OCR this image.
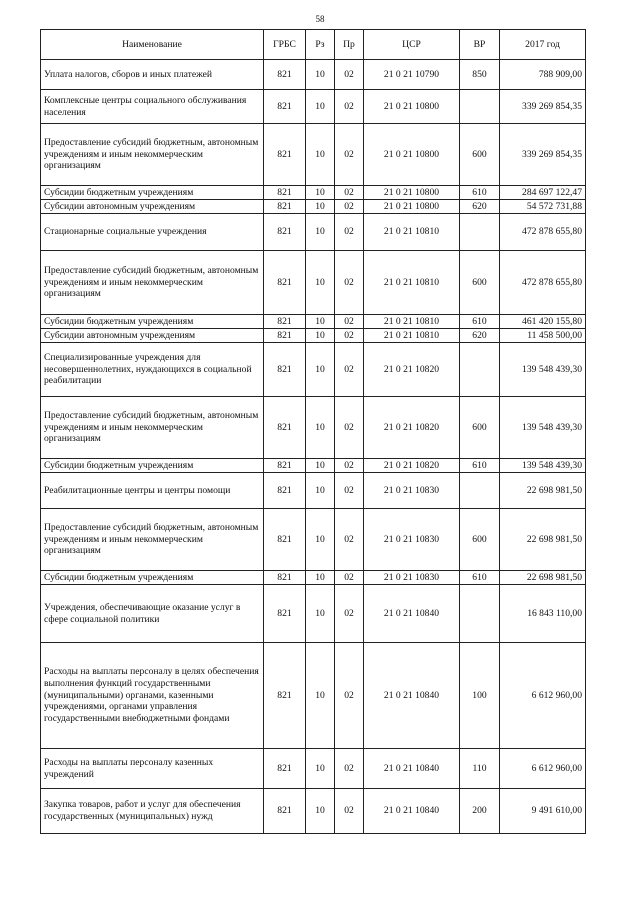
58
Наименование	ГРБС	Рз	Пр	ЦСР	ВР	2017 год
Уплата налогов, сборов и иных платежей	821	10	02	21 0 21 10790	850	788 909,00
Комплексные центры социального обслуживания населения	821	10	02	21 0 21 10800		339 269 854,35
Предоставление субсидий бюджетным, автономным учреждениям и иным некоммерческим организациям	821	10	02	21 0 21 10800	600	339 269 854,35
Субсидии бюджетным учреждениям	821	10	02	21 0 21 10800	610	284 697 122,47
Субсидии автономным учреждениям	821	10	02	21 0 21 10800	620	54 572 731,88
Стационарные социальные учреждения	821	10	02	21 0 21 10810		472 878 655,80
Предоставление субсидий бюджетным, автономным учреждениям и иным некоммерческим организациям	821	10	02	21 0 21 10810	600	472 878 655,80
Субсидии бюджетным учреждениям	821	10	02	21 0 21 10810	610	461 420 155,80
Субсидии автономным учреждениям	821	10	02	21 0 21 10810	620	11 458 500,00
Специализированные учреждения для несовершеннолетних, нуждающихся в социальной реабилитации	821	10	02	21 0 21 10820		139 548 439,30
Предоставление субсидий бюджетным, автономным учреждениям и иным некоммерческим организациям	821	10	02	21 0 21 10820	600	139 548 439,30
Субсидии бюджетным учреждениям	821	10	02	21 0 21 10820	610	139 548 439,30
Реабилитационные центры и центры помощи	821	10	02	21 0 21 10830		22 698 981,50
Предоставление субсидий бюджетным, автономным учреждениям и иным некоммерческим организациям	821	10	02	21 0 21 10830	600	22 698 981,50
Субсидии бюджетным учреждениям	821	10	02	21 0 21 10830	610	22 698 981,50
Учреждения, обеспечивающие оказание услуг в сфере социальной политики	821	10	02	21 0 21 10840		16 843 110,00
Расходы на выплаты персоналу в целях обеспечения выполнения функций государственными (муниципальными) органами, казенными учреждениями, органами управления государственными внебюджетными фондами	821	10	02	21 0 21 10840	100	6 612 960,00
Расходы на выплаты персоналу казенных учреждений	821	10	02	21 0 21 10840	110	6 612 960,00
Закупка товаров, работ и услуг для обеспечения государственных (муниципальных) нужд	821	10	02	21 0 21 10840	200	9 491 610,00
